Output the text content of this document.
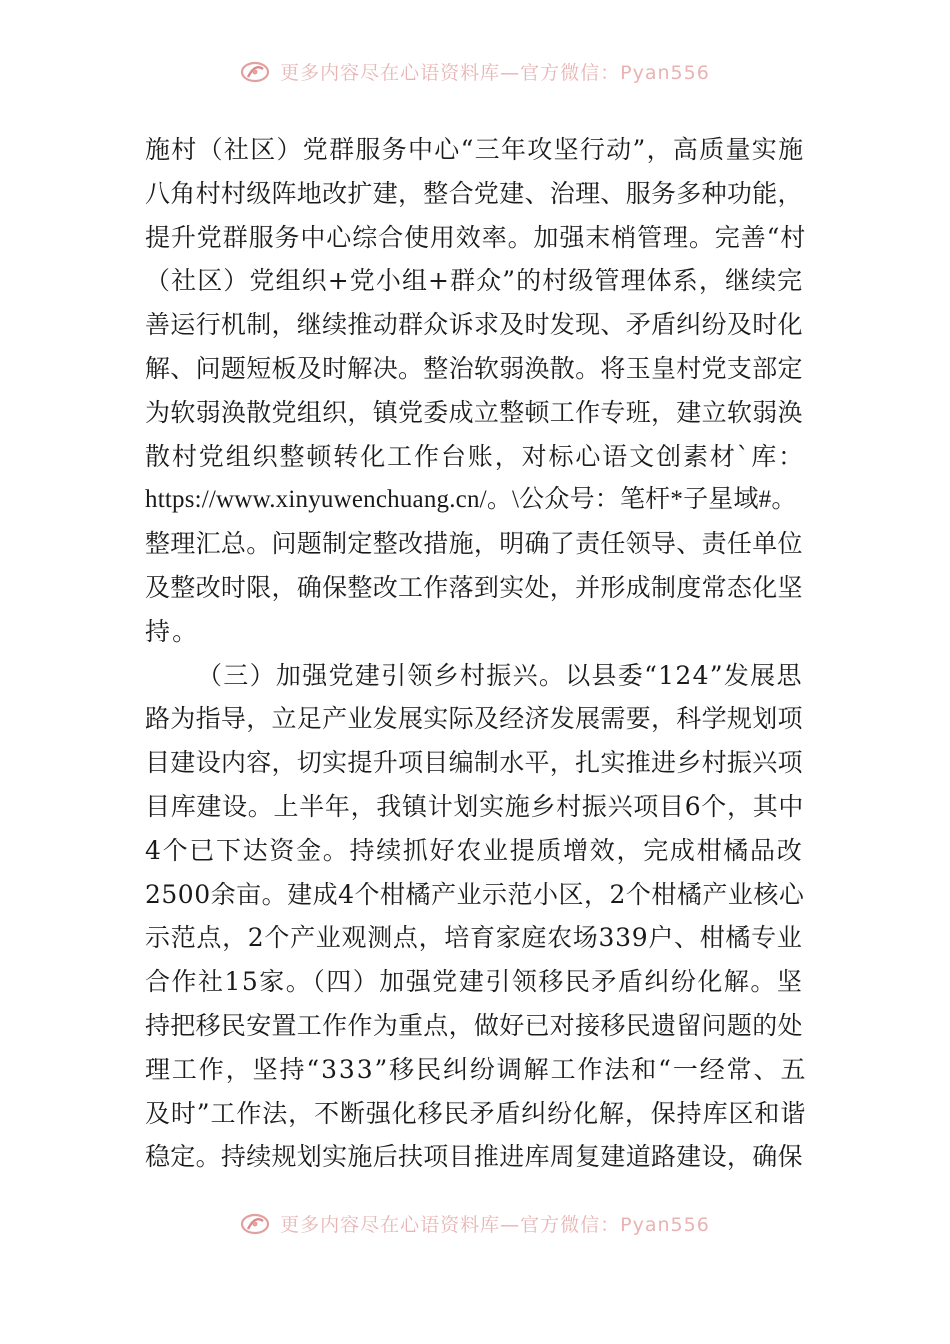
更多内容尽在心语资料库—官方微信：Pyan556
施村（社区）党群服务中心“三年攻坚行动”，高质量实施
八角村村级阵地改扩建，整合党建、治理、服务多种功能，
提升党群服务中心综合使用效率。加强末梢管理。完善“村
（社区）党组织+党小组+群众”的村级管理体系，继续完
善运行机制，继续推动群众诉求及时发现、矛盾纠纷及时化
解、问题短板及时解决。整治软弱涣散。将玉皇村党支部定
为软弱涣散党组织，镇党委成立整顿工作专班，建立软弱涣
散村党组织整顿转化工作台账，对标心语文创素材`库：
https://www.xinyuwenchuang.cn/。\公众号：笔杆*子星域#。
整理汇总。问题制定整改措施，明确了责任领导、责任单位
及整改时限，确保整改工作落到实处，并形成制度常态化坚
持。
（三）加强党建引领乡村振兴。以县委“124”发展思
路为指导，立足产业发展实际及经济发展需要，科学规划项
目建设内容，切实提升项目编制水平，扎实推进乡村振兴项
目库建设。上半年，我镇计划实施乡村振兴项目6个，其中
4个已下达资金。持续抓好农业提质增效，完成柑橘品改
2500余亩。建成4个柑橘产业示范小区，2个柑橘产业核心
示范点，2个产业观测点，培育家庭农场339户、柑橘专业
合作社15家。（四）加强党建引领移民矛盾纠纷化解。坚
持把移民安置工作作为重点，做好已对接移民遗留问题的处
理工作，坚持“333”移民纠纷调解工作法和“一经常、五
及时”工作法，不断强化移民矛盾纠纷化解，保持库区和谐
稳定。持续规划实施后扶项目推进库周复建道路建设，确保
更多内容尽在心语资料库—官方微信：Pyan556
